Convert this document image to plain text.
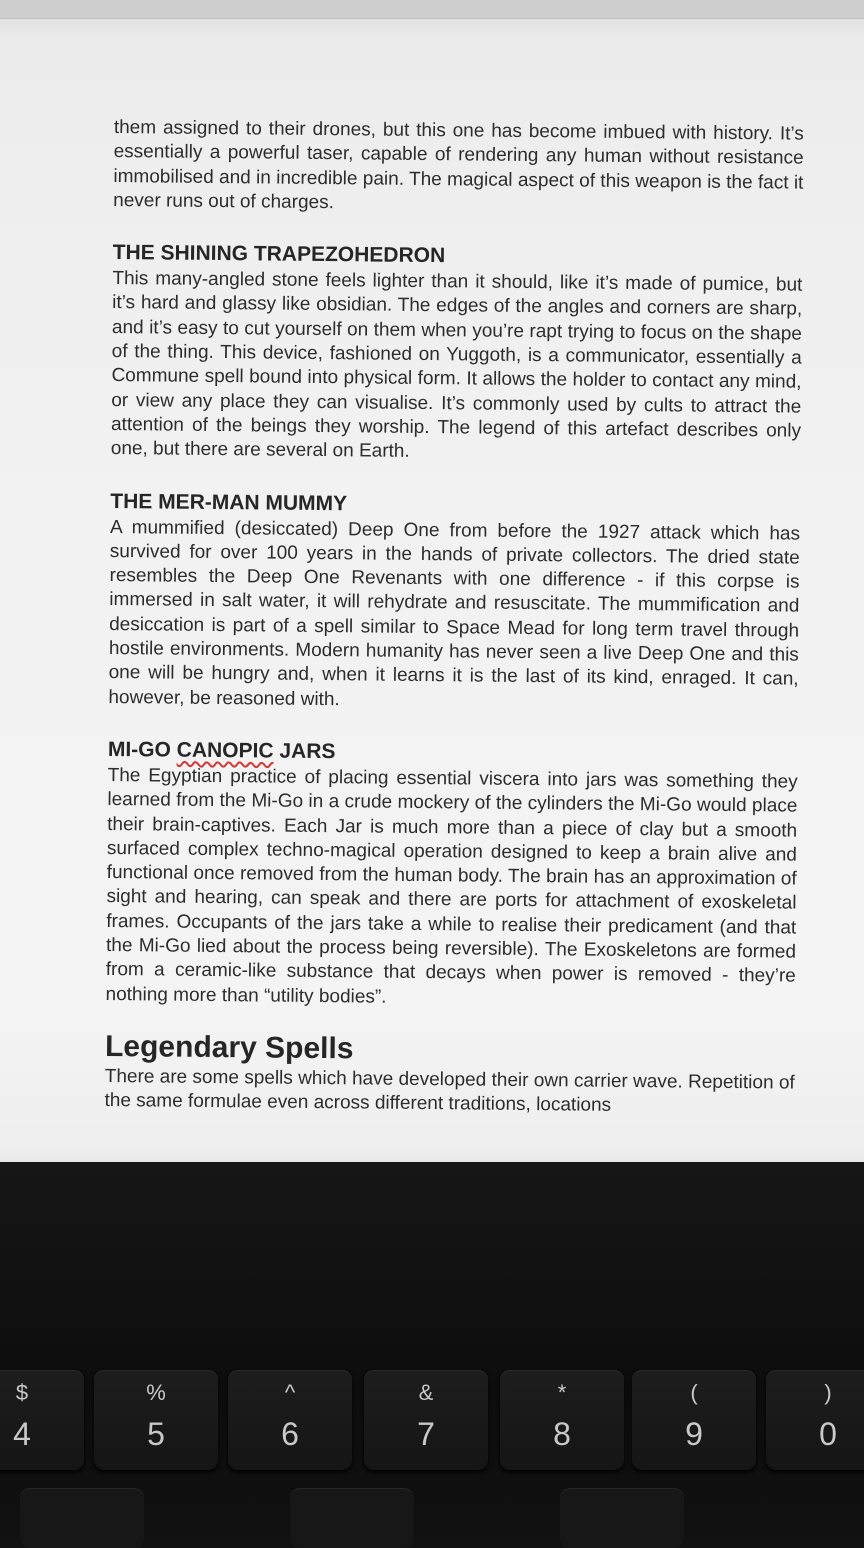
them assigned to their drones, but this one has become imbued with history. It’s essentially a powerful taser, capable of rendering any human without resistance immobilised and in incredible pain. The magical aspect of this weapon is the fact it never runs out of charges.

THE SHINING TRAPEZOHEDRON

This many-angled stone feels lighter than it should, like it’s made of pumice, but it’s hard and glassy like obsidian. The edges of the angles and corners are sharp, and it’s easy to cut yourself on them when you’re rapt trying to focus on the shape of the thing. This device, fashioned on Yuggoth, is a communicator, essentially a Commune spell bound into physical form. It allows the holder to contact any mind, or view any place they can visualise. It’s commonly used by cults to attract the attention of the beings they worship. The legend of this artefact describes only one, but there are several on Earth.

THE MER-MAN MUMMY

A mummified (desiccated) Deep One from before the 1927 attack which has survived for over 100 years in the hands of private collectors. The dried state resembles the Deep One Revenants with one difference - if this corpse is immersed in salt water, it will rehydrate and resuscitate. The mummification and desiccation is part of a spell similar to Space Mead for long term travel through hostile environments. Modern humanity has never seen a live Deep One and this one will be hungry and, when it learns it is the last of its kind, enraged. It can, however, be reasoned with.

MI-GO CANOPIC JARS

The Egyptian practice of placing essential viscera into jars was something they learned from the Mi-Go in a crude mockery of the cylinders the Mi-Go would place their brain-captives. Each Jar is much more than a piece of clay but a smooth surfaced complex techno-magical operation designed to keep a brain alive and functional once removed from the human body. The brain has an approximation of sight and hearing, can speak and there are ports for attachment of exoskeletal frames. Occupants of the jars take a while to realise their predicament (and that the Mi-Go lied about the process being reversible). The Exoskeletons are formed from a ceramic-like substance that decays when power is removed - they’re nothing more than “utility bodies”.

Legendary Spells

There are some spells which have developed their own carrier wave. Repetition of the same formulae even across different traditions, locations

$
4
%
5
^
6
&
7
*
8
(
9
)
0
